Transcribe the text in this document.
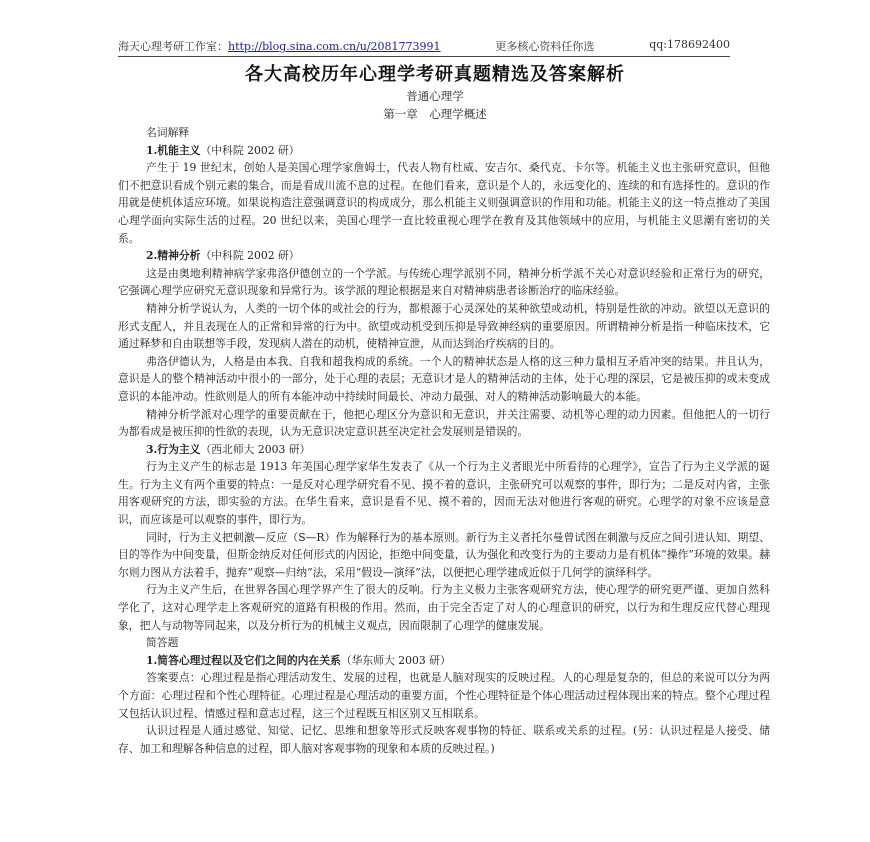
海天心理考研工作室：http://blog.sina.com.cn/u/2081773991	更多核心资料任你选	qq:178692400
各大高校历年心理学考研真题精选及答案解析
普通心理学
第一章　心理学概述
名词解释
1.机能主义（中科院 2002 研）

产生于 19 世纪末，创始人是美国心理学家詹姆士，代表人物有杜威、安吉尔、桑代克、卡尔等。机能主义也主张研究意识，但他们不把意识看成个别元素的集合，而是看成川流不息的过程。在他们看来，意识是个人的，永远变化的、连续的和有选择性的。意识的作用就是使机体适应环境。如果说构造注意强调意识的构成成分，那么机能主义则强调意识的作用和功能。机能主义的这一特点推动了美国心理学面向实际生活的过程。20 世纪以来，美国心理学一直比较重视心理学在教育及其他领域中的应用，与机能主义思潮有密切的关系。

2.精神分析（中科院 2002 研）

这是由奥地利精神病学家弗洛伊德创立的一个学派。与传统心理学派别不同，精神分析学派不关心对意识经验和正常行为的研究，它强调心理学应研究无意识现象和异常行为。该学派的理论根据是来自对精神病患者诊断治疗的临床经验。

精神分析学说认为，人类的一切个体的或社会的行为，都根源于心灵深处的某种欲望或动机，特别是性欲的冲动。欲望以无意识的形式支配人，并且表现在人的正常和异常的行为中。欲望或动机受到压抑是导致神经病的重要原因。所谓精神分析是指一种临床技术，它通过释梦和自由联想等手段，发现病人潜在的动机，使精神宣泄，从而达到治疗疾病的目的。

弗洛伊德认为，人格是由本我、自我和超我构成的系统。一个人的精神状态是人格的这三种力量相互矛盾冲突的结果。并且认为，意识是人的整个精神活动中很小的一部分，处于心理的表层；无意识才是人的精神活动的主体，处于心理的深层，它是被压抑的或未变成意识的本能冲动。性欲则是人的所有本能冲动中持续时间最长、冲动力最强、对人的精神活动影响最大的本能。

精神分析学派对心理学的重要贡献在于，他把心理区分为意识和无意识，并关注需要、动机等心理的动力因素。但他把人的一切行为都看成是被压抑的性欲的表现，认为无意识决定意识甚至决定社会发展则是错误的。

3.行为主义（西北师大 2003 研）

行为主义产生的标志是 1913 年美国心理学家华生发表了《从一个行为主义者眼光中所看待的心理学》，宣告了行为主义学派的诞生。行为主义有两个重要的特点：一是反对心理学研究看不见、摸不着的意识，主张研究可以观察的事件，即行为；二是反对内省，主张用客观研究的方法，即实验的方法。在华生看来，意识是看不见、摸不着的，因而无法对他进行客观的研究。心理学的对象不应该是意识，而应该是可以观察的事件，即行为。

同时，行为主义把刺激—反应（S—R）作为解释行为的基本原则。新行为主义者托尔曼曾试图在刺激与反应之间引进认知、期望、目的等作为中间变量，但斯金纳反对任何形式的内因论，拒绝中间变量，认为强化和改变行为的主要动力是有机体“操作”环境的效果。赫尔则力图从方法着手，抛弃“观察—归纳”法，采用“假设—演绎”法，以便把心理学建成近似于几何学的演绎科学。

行为主义产生后，在世界各国心理学界产生了很大的反响。行为主义极力主张客观研究方法，使心理学的研究更严谨、更加自然科学化了，这对心理学走上客观研究的道路有积极的作用。然而，由于完全否定了对人的心理意识的研究，以行为和生理反应代替心理现象，把人与动物等同起来，以及分析行为的机械主义观点，因而限制了心理学的健康发展。

简答题
1.简答心理过程以及它们之间的内在关系（华东师大 2003 研）

答案要点：心理过程是指心理活动发生、发展的过程，也就是人脑对现实的反映过程。人的心理是复杂的，但总的来说可以分为两个方面：心理过程和个性心理特征。心理过程是心理活动的重要方面，个性心理特征是个体心理活动过程体现出来的特点。整个心理过程又包括认识过程、情感过程和意志过程，这三个过程既互相区别又互相联系。

认识过程是人通过感觉、知觉、记忆、思维和想象等形式反映客观事物的特征、联系或关系的过程。(另：认识过程是人接受、储存、加工和理解各种信息的过程，即人脑对客观事物的现象和本质的反映过程。)
